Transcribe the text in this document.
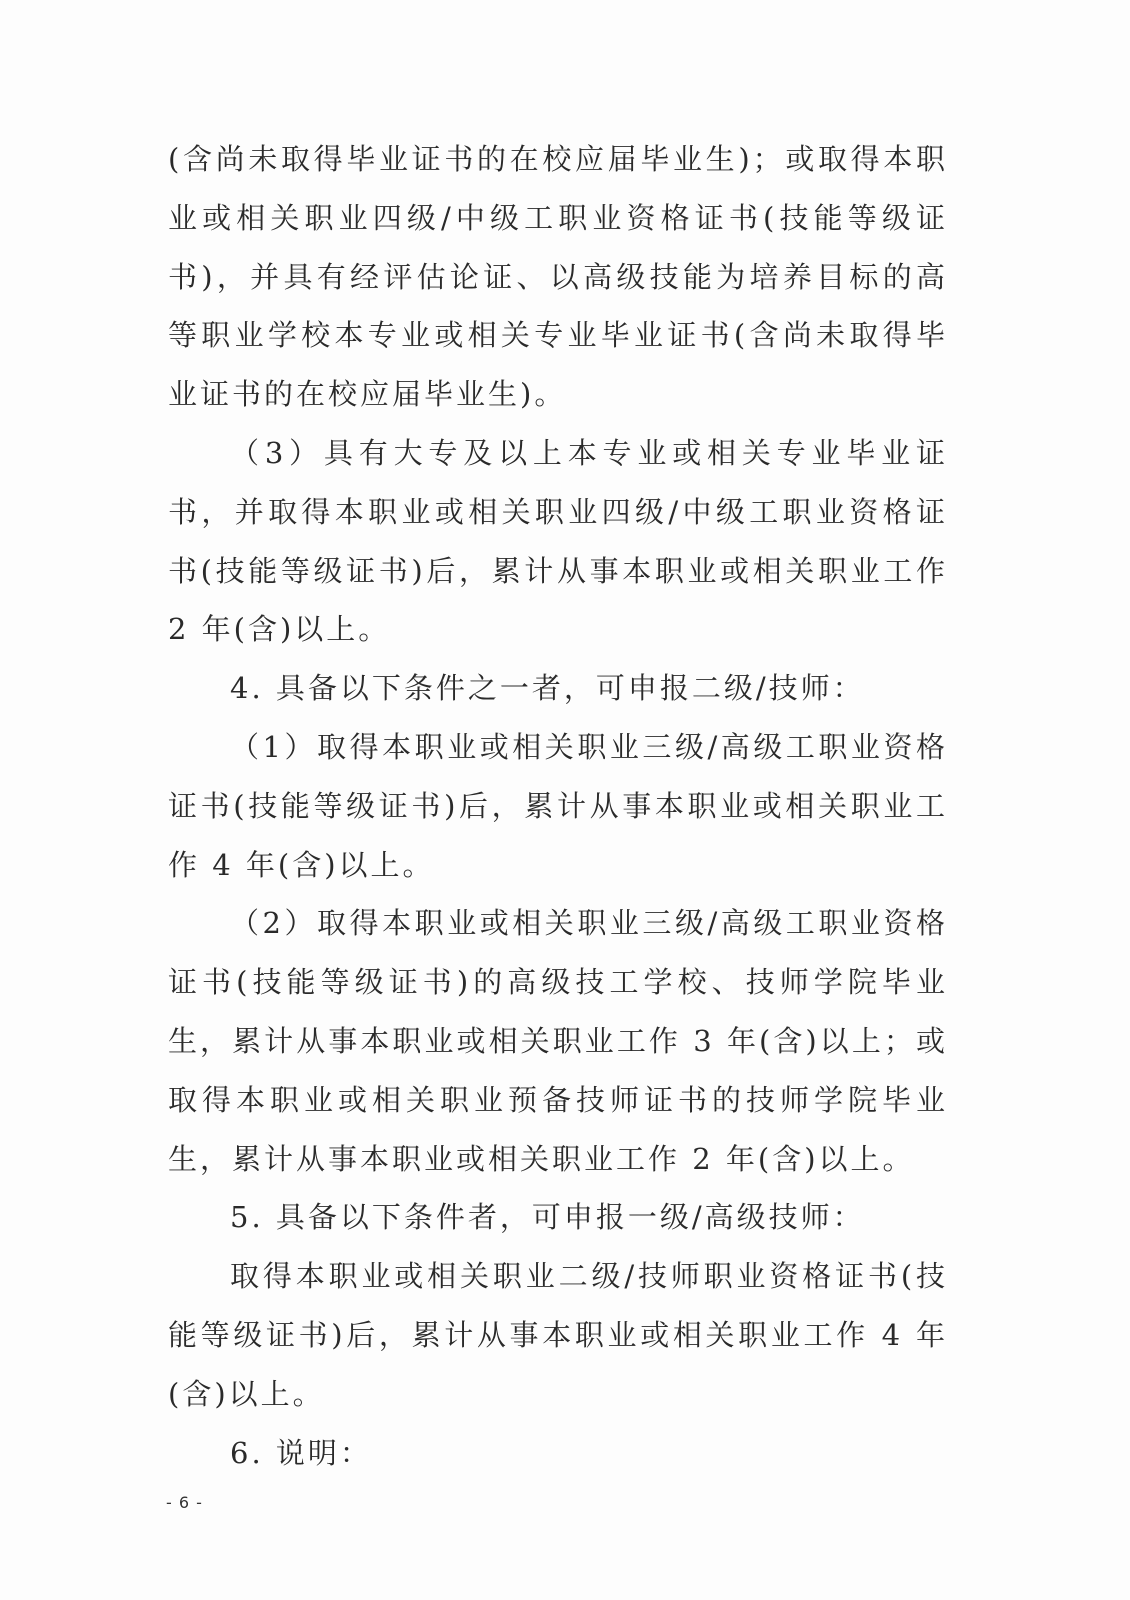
(含尚未取得毕业证书的在校应届毕业生)；或取得本职业或相关职业四级/中级工职业资格证书(技能等级证书)，并具有经评估论证、以高级技能为培养目标的高等职业学校本专业或相关专业毕业证书(含尚未取得毕业证书的在校应届毕业生)。

（3）具有大专及以上本专业或相关专业毕业证书，并取得本职业或相关职业四级/中级工职业资格证书(技能等级证书)后，累计从事本职业或相关职业工作 2 年(含)以上。

4. 具备以下条件之一者，可申报二级/技师：

（1）取得本职业或相关职业三级/高级工职业资格证书(技能等级证书)后，累计从事本职业或相关职业工作 4 年(含)以上。

（2）取得本职业或相关职业三级/高级工职业资格证书(技能等级证书)的高级技工学校、技师学院毕业生，累计从事本职业或相关职业工作 3 年(含)以上；或取得本职业或相关职业预备技师证书的技师学院毕业生，累计从事本职业或相关职业工作 2 年(含)以上。

5. 具备以下条件者，可申报一级/高级技师：

取得本职业或相关职业二级/技师职业资格证书(技能等级证书)后，累计从事本职业或相关职业工作 4 年(含)以上。

6. 说明：

- 6 -
